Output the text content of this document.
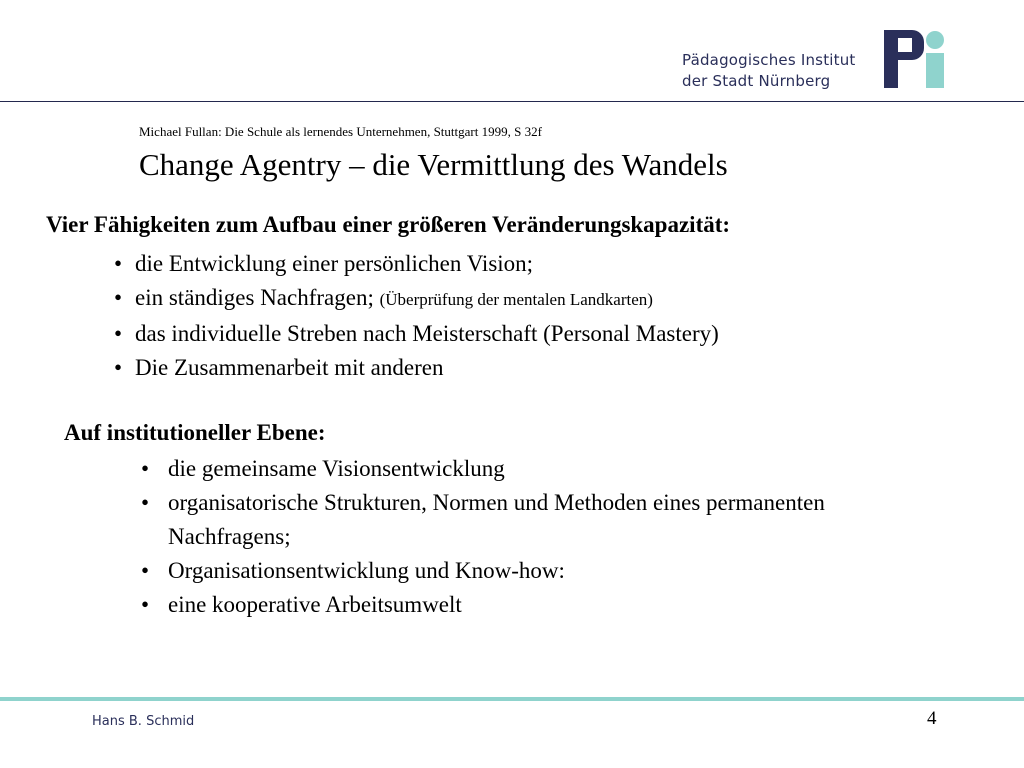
Pädagogisches Institut
der Stadt Nürnberg
Michael Fullan: Die Schule als lernendes Unternehmen, Stuttgart 1999, S 32f
Change Agentry – die Vermittlung des Wandels
Vier Fähigkeiten zum Aufbau einer größeren Veränderungskapazität:
• die Entwicklung einer persönlichen Vision;
• ein ständiges Nachfragen; (Überprüfung der mentalen Landkarten)
• das individuelle Streben nach Meisterschaft (Personal Mastery)
• Die Zusammenarbeit mit anderen
Auf institutioneller Ebene:
• die gemeinsame Visionsentwicklung
• organisatorische Strukturen, Normen und Methoden eines permanenten Nachfragens;
• Organisationsentwicklung und Know-how:
• eine kooperative Arbeitsumwelt
Hans B. Schmid	4
